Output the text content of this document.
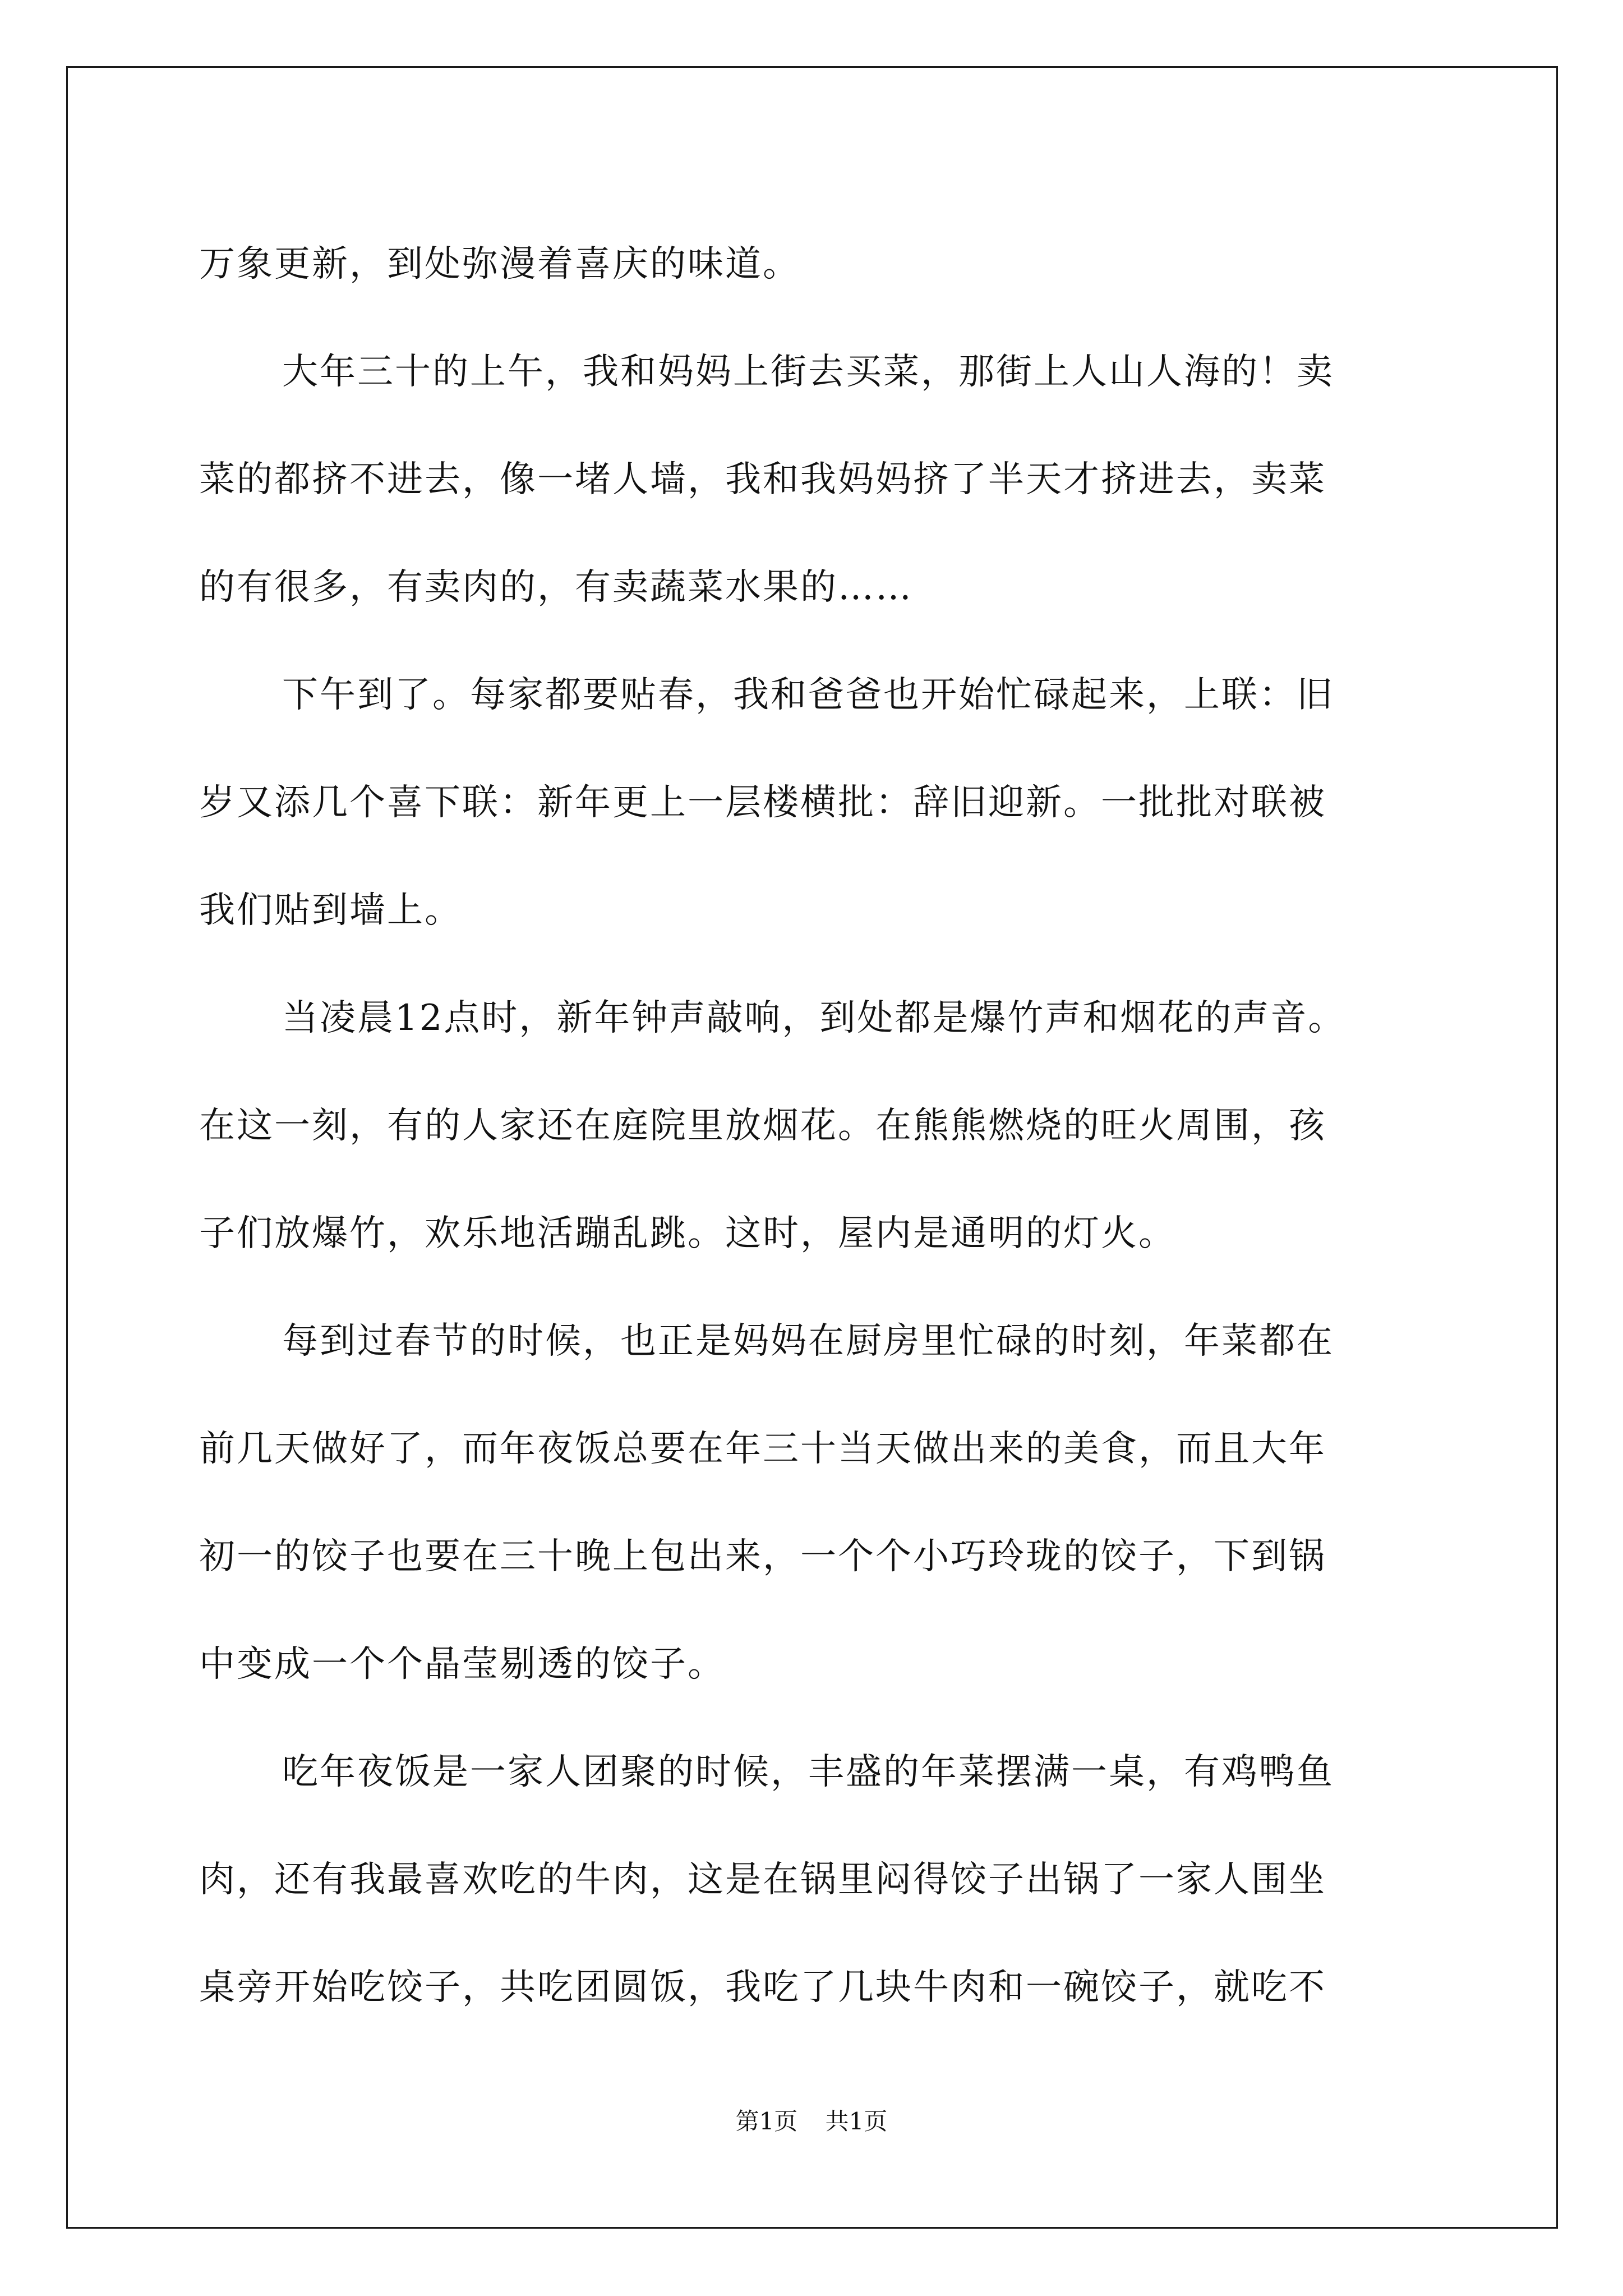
万象更新，到处弥漫着喜庆的味道。
大年三十的上午，我和妈妈上街去买菜，那街上人山人海的！卖
菜的都挤不进去，像一堵人墙，我和我妈妈挤了半天才挤进去，卖菜
的有很多，有卖肉的，有卖蔬菜水果的……
下午到了。每家都要贴春，我和爸爸也开始忙碌起来，上联：旧
岁又添几个喜下联：新年更上一层楼横批：辞旧迎新。一批批对联被
我们贴到墙上。
当凌晨12点时，新年钟声敲响，到处都是爆竹声和烟花的声音。
在这一刻，有的人家还在庭院里放烟花。在熊熊燃烧的旺火周围，孩
子们放爆竹，欢乐地活蹦乱跳。这时，屋内是通明的灯火。
每到过春节的时候，也正是妈妈在厨房里忙碌的时刻，年菜都在
前几天做好了，而年夜饭总要在年三十当天做出来的美食，而且大年
初一的饺子也要在三十晚上包出来，一个个小巧玲珑的饺子，下到锅
中变成一个个晶莹剔透的饺子。
吃年夜饭是一家人团聚的时候，丰盛的年菜摆满一桌，有鸡鸭鱼
肉，还有我最喜欢吃的牛肉，这是在锅里闷得饺子出锅了一家人围坐
桌旁开始吃饺子，共吃团圆饭，我吃了几块牛肉和一碗饺子，就吃不
第1页 共1页
